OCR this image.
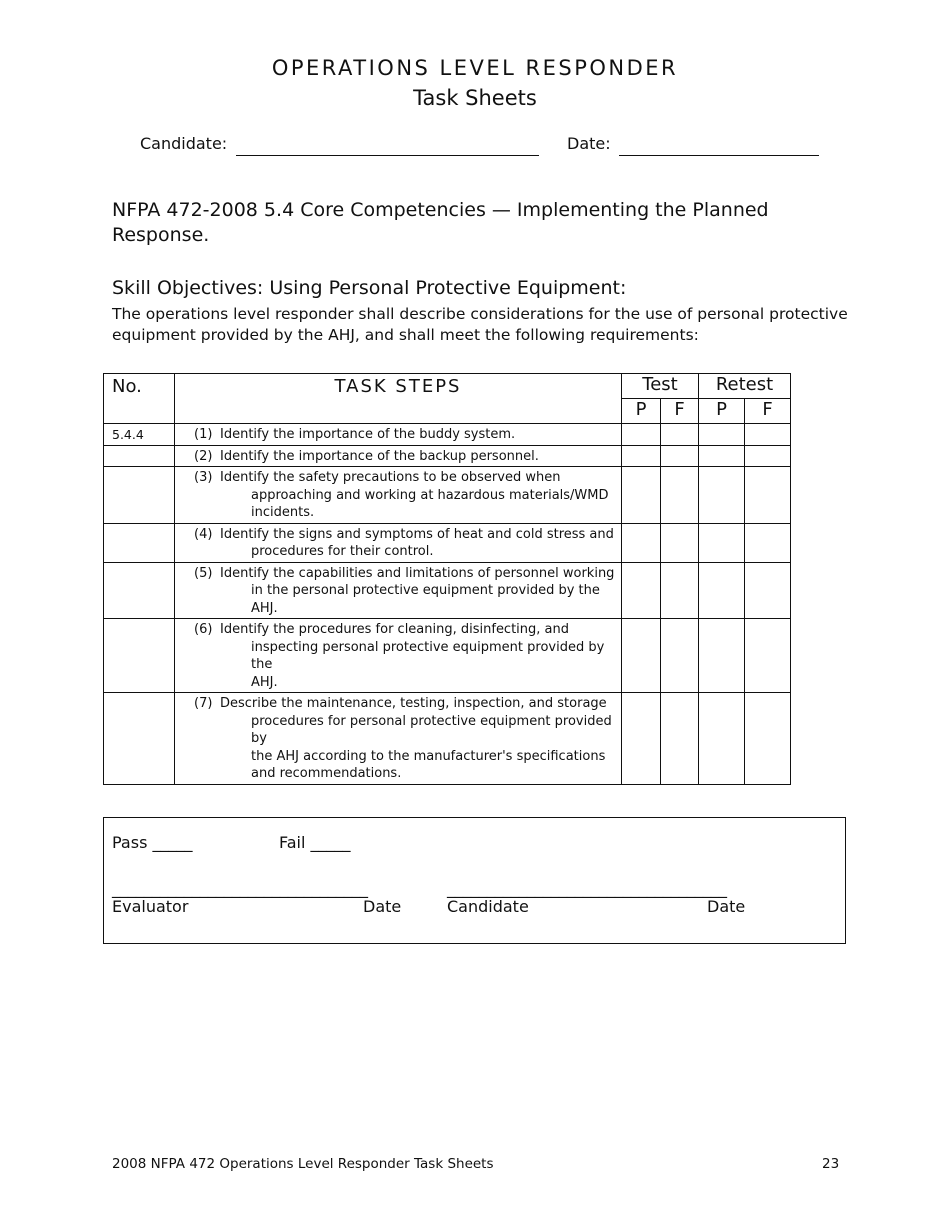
OPERATIONS LEVEL RESPONDER
Task Sheets
Candidate:	Date:
NFPA 472-2008 5.4 Core Competencies — Implementing the Planned
Response.
Skill Objectives: Using Personal Protective Equipment:
The operations level responder shall describe considerations for the use of personal protective
equipment provided by the AHJ, and shall meet the following requirements:
No.	TASK STEPS	Test		Retest	
		P	F	P	F
5.4.4	(1) Identify the importance of the buddy system.				

	(2) Identify the importance of the backup personnel.				

	(3) Identify the safety precautions to be observed when
approaching and working at hazardous materials/WMD
incidents.				

	(4) Identify the signs and symptoms of heat and cold stress and
procedures for their control.				

	(5) Identify the capabilities and limitations of personnel working
in the personal protective equipment provided by the
AHJ.				

	(6) Identify the procedures for cleaning, disinfecting, and
inspecting personal protective equipment provided by the
AHJ.				

	(7) Describe the maintenance, testing, inspection, and storage
procedures for personal protective equipment provided by
the AHJ according to the manufacturer's specifications
and recommendations.				

Pass _____	Fail _____
________________________________	___________________________________
Evaluator	Date	Candidate	Date
2008 NFPA 472 Operations Level Responder Task Sheets	23
